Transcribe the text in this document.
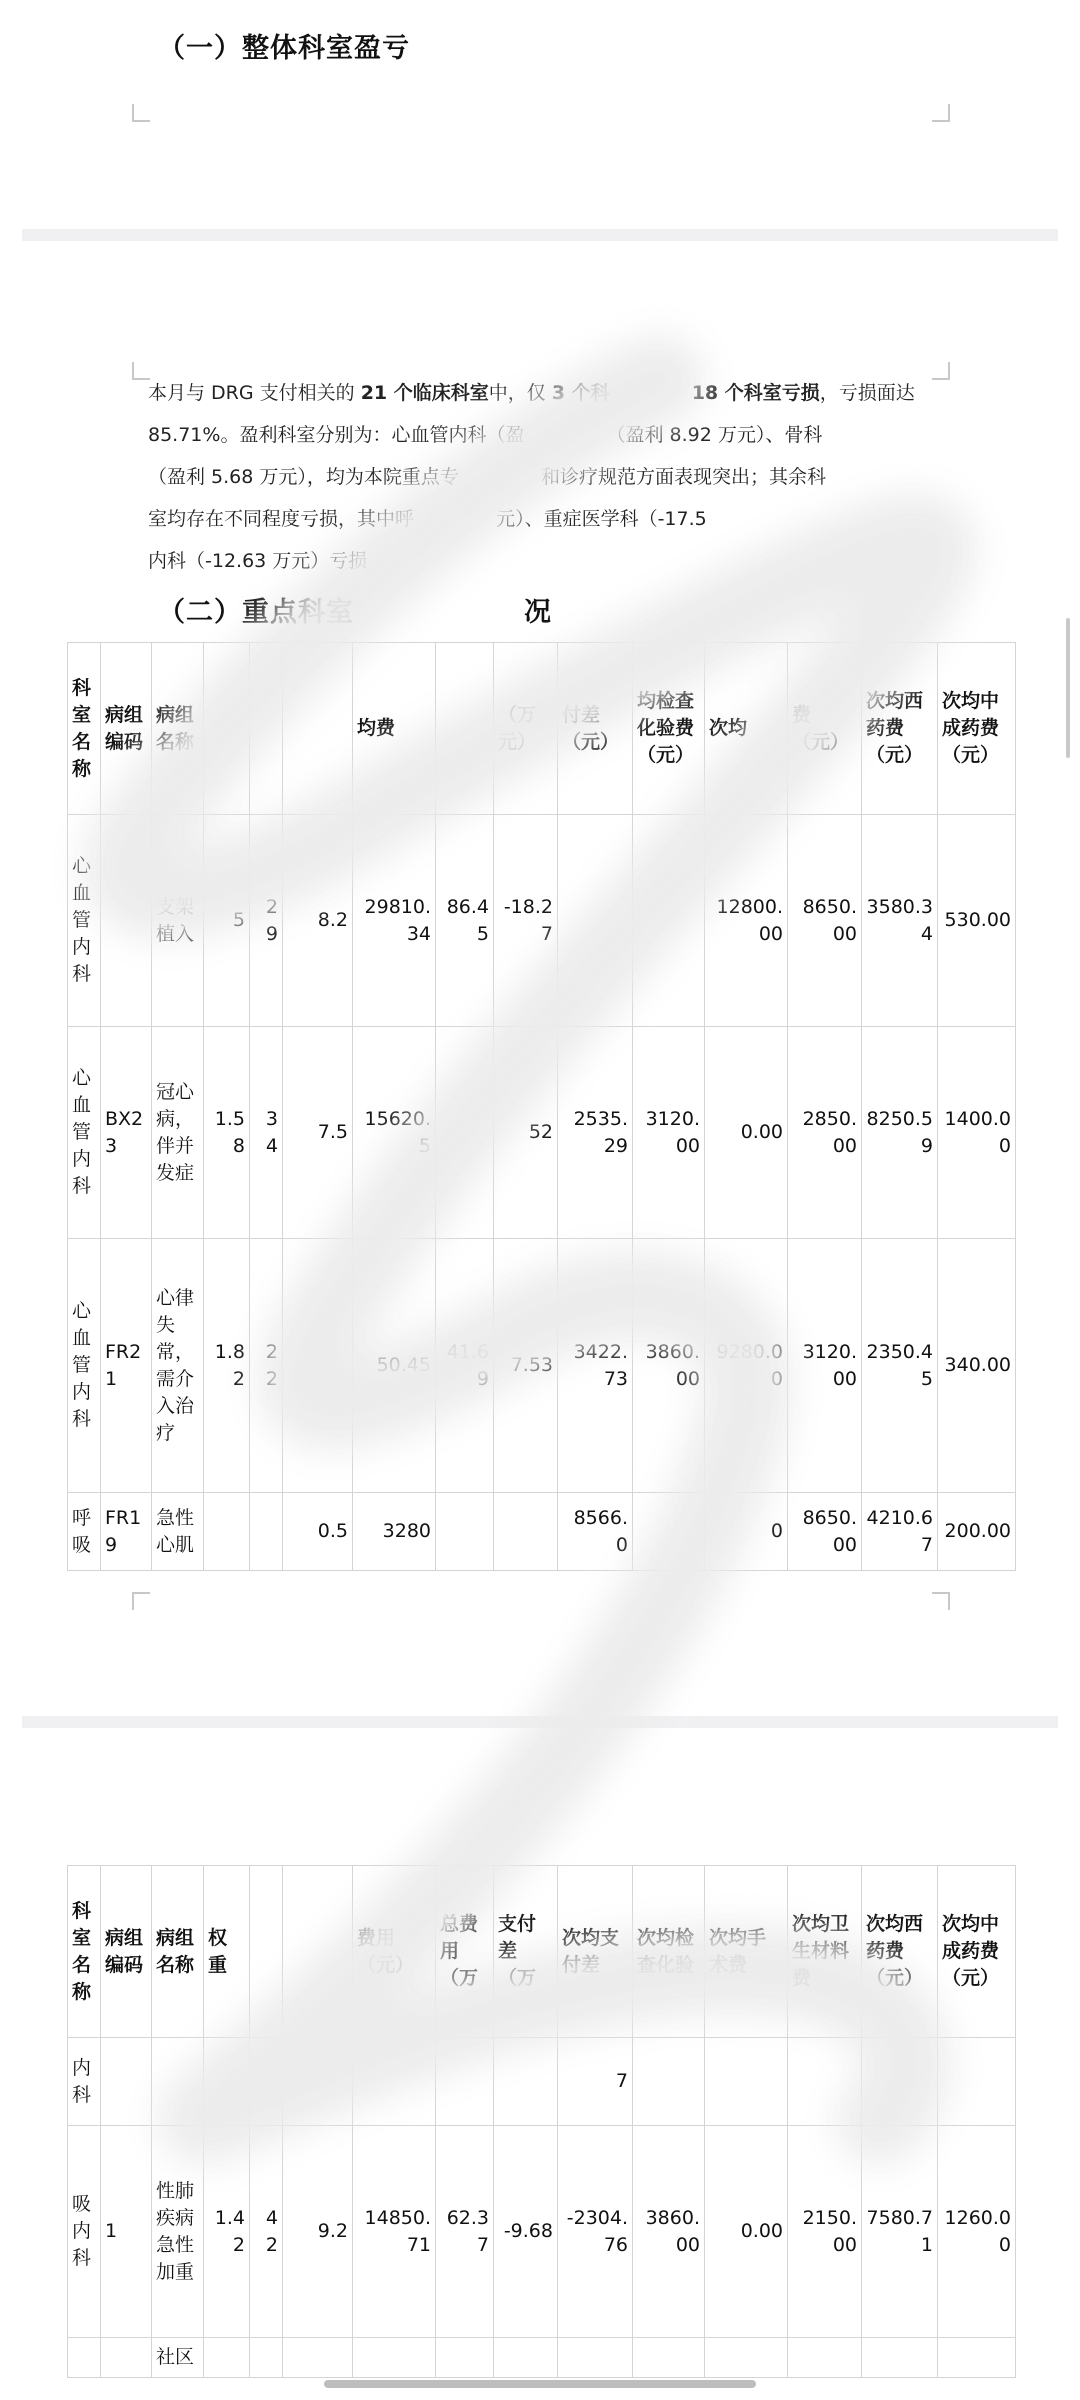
（一）整体科室盈亏
本月与 DRG 支付相关的 21 个临床科室中，仅 3 个科　　　　	18 个科室亏损，亏损面达
85.71%。盈利科室分别为：心血管内科（盈　　　　	（盈利 8.92 万元）、骨科
（盈利 5.68 万元），均为本院重点专　　　　	和诊疗规范方面表现突出；其余科
室均存在不同程度亏损，其中呼　　　　	元）、重症医学科（-17.5
内科（-12.63 万元）亏损
（二）重点科室	况
科室名称	病组编码	病组名称				均费		（万元）	付差（元）	均检查化验费（元）	次均	费（元）	次均西药费（元）	次均中成药费（元）
心血管内科		支架植入	5	29	8.2	29810.34	86.45	-18.27			12800.00	8650.00	3580.34	530.00
心血管内科	BX23	冠心病，伴并发症	1.58	34	7.5	15620.5		52	2535.29	3120.00	0.00	2850.00	8250.59	1400.00
心血管内科	FR21	心律失常，需介入治疗	1.82	22		50.45	41.69	7.53	3422.73	3860.00	9280.00	3120.00	2350.45	340.00
呼吸	FR19	急性心肌			0.5	3280			8566.0		0	8650.00	4210.67	200.00
科室名称	病组编码	病组名称	权重			费用（元）	总费用（万	支付差（万	次均支付差	次均检查化验	次均手术费	次均卫生材料费	次均西药费（元）	次均中成药费（元）
内科									7					
吸内科	1	性肺疾病急性加重	1.42	42	9.2	14850.71	62.37	-9.68	-2304.76	3860.00	0.00	2150.00	7580.71	1260.00
		社区												
